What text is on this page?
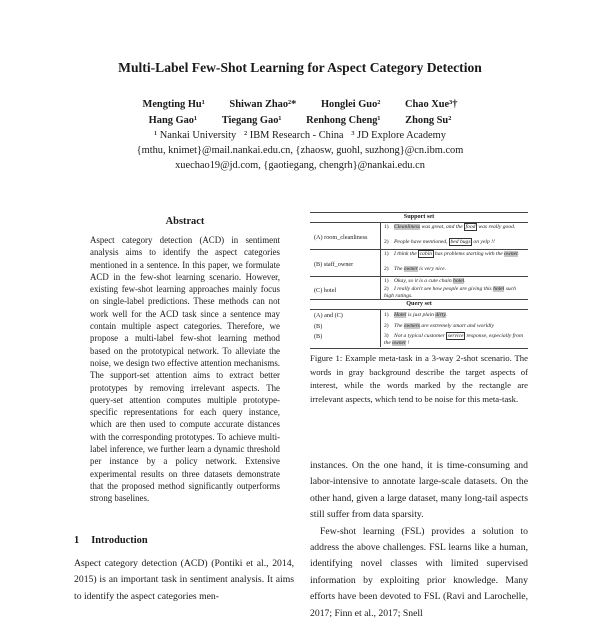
Multi-Label Few-Shot Learning for Aspect Category Detection
Mengting Hu¹ Shiwan Zhao²* Honglei Guo² Chao Xue³†
Hang Gao¹ Tiegang Gao¹ Renhong Cheng¹ Zhong Su²
¹ Nankai University   ² IBM Research - China   ³ JD Explore Academy
{mthu, knimet}@mail.nankai.edu.cn, {zhaosw, guohl, suzhong}@cn.ibm.com
xuechao19@jd.com, {gaotiegang, chengrh}@nankai.edu.cn
Abstract
Aspect category detection (ACD) in sentiment analysis aims to identify the aspect categories mentioned in a sentence. In this paper, we formulate ACD in the few-shot learning scenario. However, existing few-shot learning approaches mainly focus on single-label predictions. These methods can not work well for the ACD task since a sentence may contain multiple aspect categories. Therefore, we propose a multi-label few-shot learning method based on the prototypical network. To alleviate the noise, we design two effective attention mechanisms. The support-set attention aims to extract better prototypes by removing irrelevant aspects. The query-set attention computes multiple prototype-specific representations for each query instance, which are then used to compute accurate distances with the corresponding prototypes. To achieve multi-label inference, we further learn a dynamic threshold per instance by a policy network. Extensive experimental results on three datasets demonstrate that the proposed method significantly outperforms strong baselines.
1 Introduction
Aspect category detection (ACD) (Pontiki et al., 2014, 2015) is an important task in sentiment analysis. It aims to identify the aspect categories men-
Support set
(A) room_cleanliness
1) Cleanliness was great, and the food was really good.
2) People have mentioned, bed bugs on yelp !!
(B) staff_owner
1) I think the cabin has problems starting with the owner.
2) The owner is very nice.
(C) hotel
1) Okay, so it is a cute chain hotel.
2) I really don't see how people are giving this hotel such high ratings.
Query set
(A) and (C)	1) Hotel is just plain dirty.
(B)	2) The owners are extremely smart and worldly
(B)	3) Not a typical customer service response, especially from the owner !
Figure 1: Example meta-task in a 3-way 2-shot scenario. The words in gray background describe the target aspects of interest, while the words marked by the rectangle are irrelevant aspects, which tend to be noise for this meta-task.

instances. On the one hand, it is time-consuming and labor-intensive to annotate large-scale datasets. On the other hand, given a large dataset, many long-tail aspects still suffer from data sparsity.

Few-shot learning (FSL) provides a solution to address the above challenges. FSL learns like a human, identifying novel classes with limited supervised information by exploiting prior knowledge. Many efforts have been devoted to FSL (Ravi and Larochelle, 2017; Finn et al., 2017; Snell
